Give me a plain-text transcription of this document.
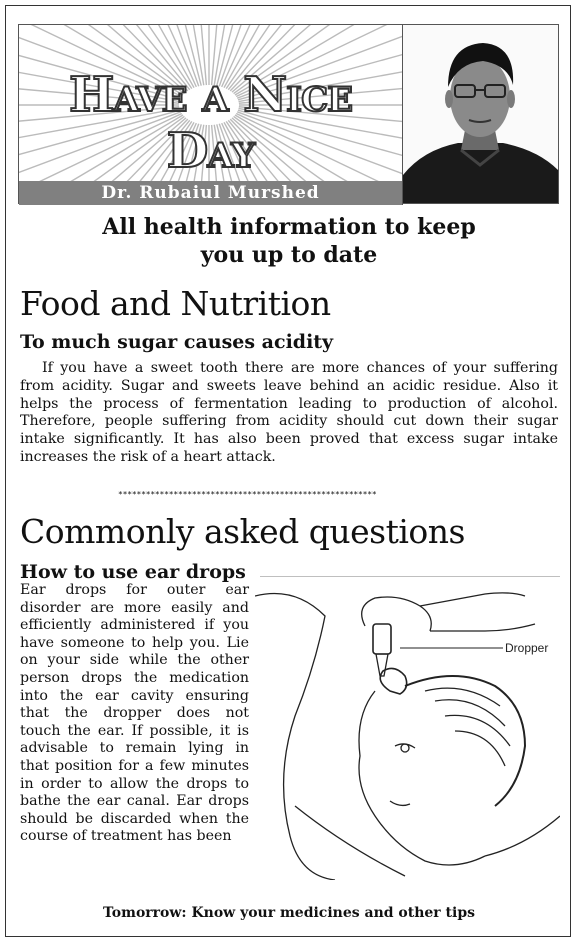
Have a Nice Day
Dr. Rubaiul Murshed
All health information to keep you up to date
Food and Nutrition
To much sugar causes acidity
If you have a sweet tooth there are more chances of your suffering from acidity. Sugar and sweets leave behind an acidic residue. Also it helps the process of fermentation leading to production of alcohol. Therefore, people suffering from acidity should cut down their sugar intake significantly. It has also been proved that excess sugar intake increases the risk of a heart attack.
********************************************************
Commonly asked questions
How to use ear drops
Ear drops for outer ear disorder are more easily and efficiently administered if you have someone to help you. Lie on your side while the other person drops the medication into the ear cavity ensuring that the dropper does not touch the ear. If possible, it is advisable to remain lying in that position for a few minutes in order to allow the drops to bathe the ear canal. Ear drops should be discarded when the course of treatment has been
Dropper
Tomorrow: Know your medicines and other tips
